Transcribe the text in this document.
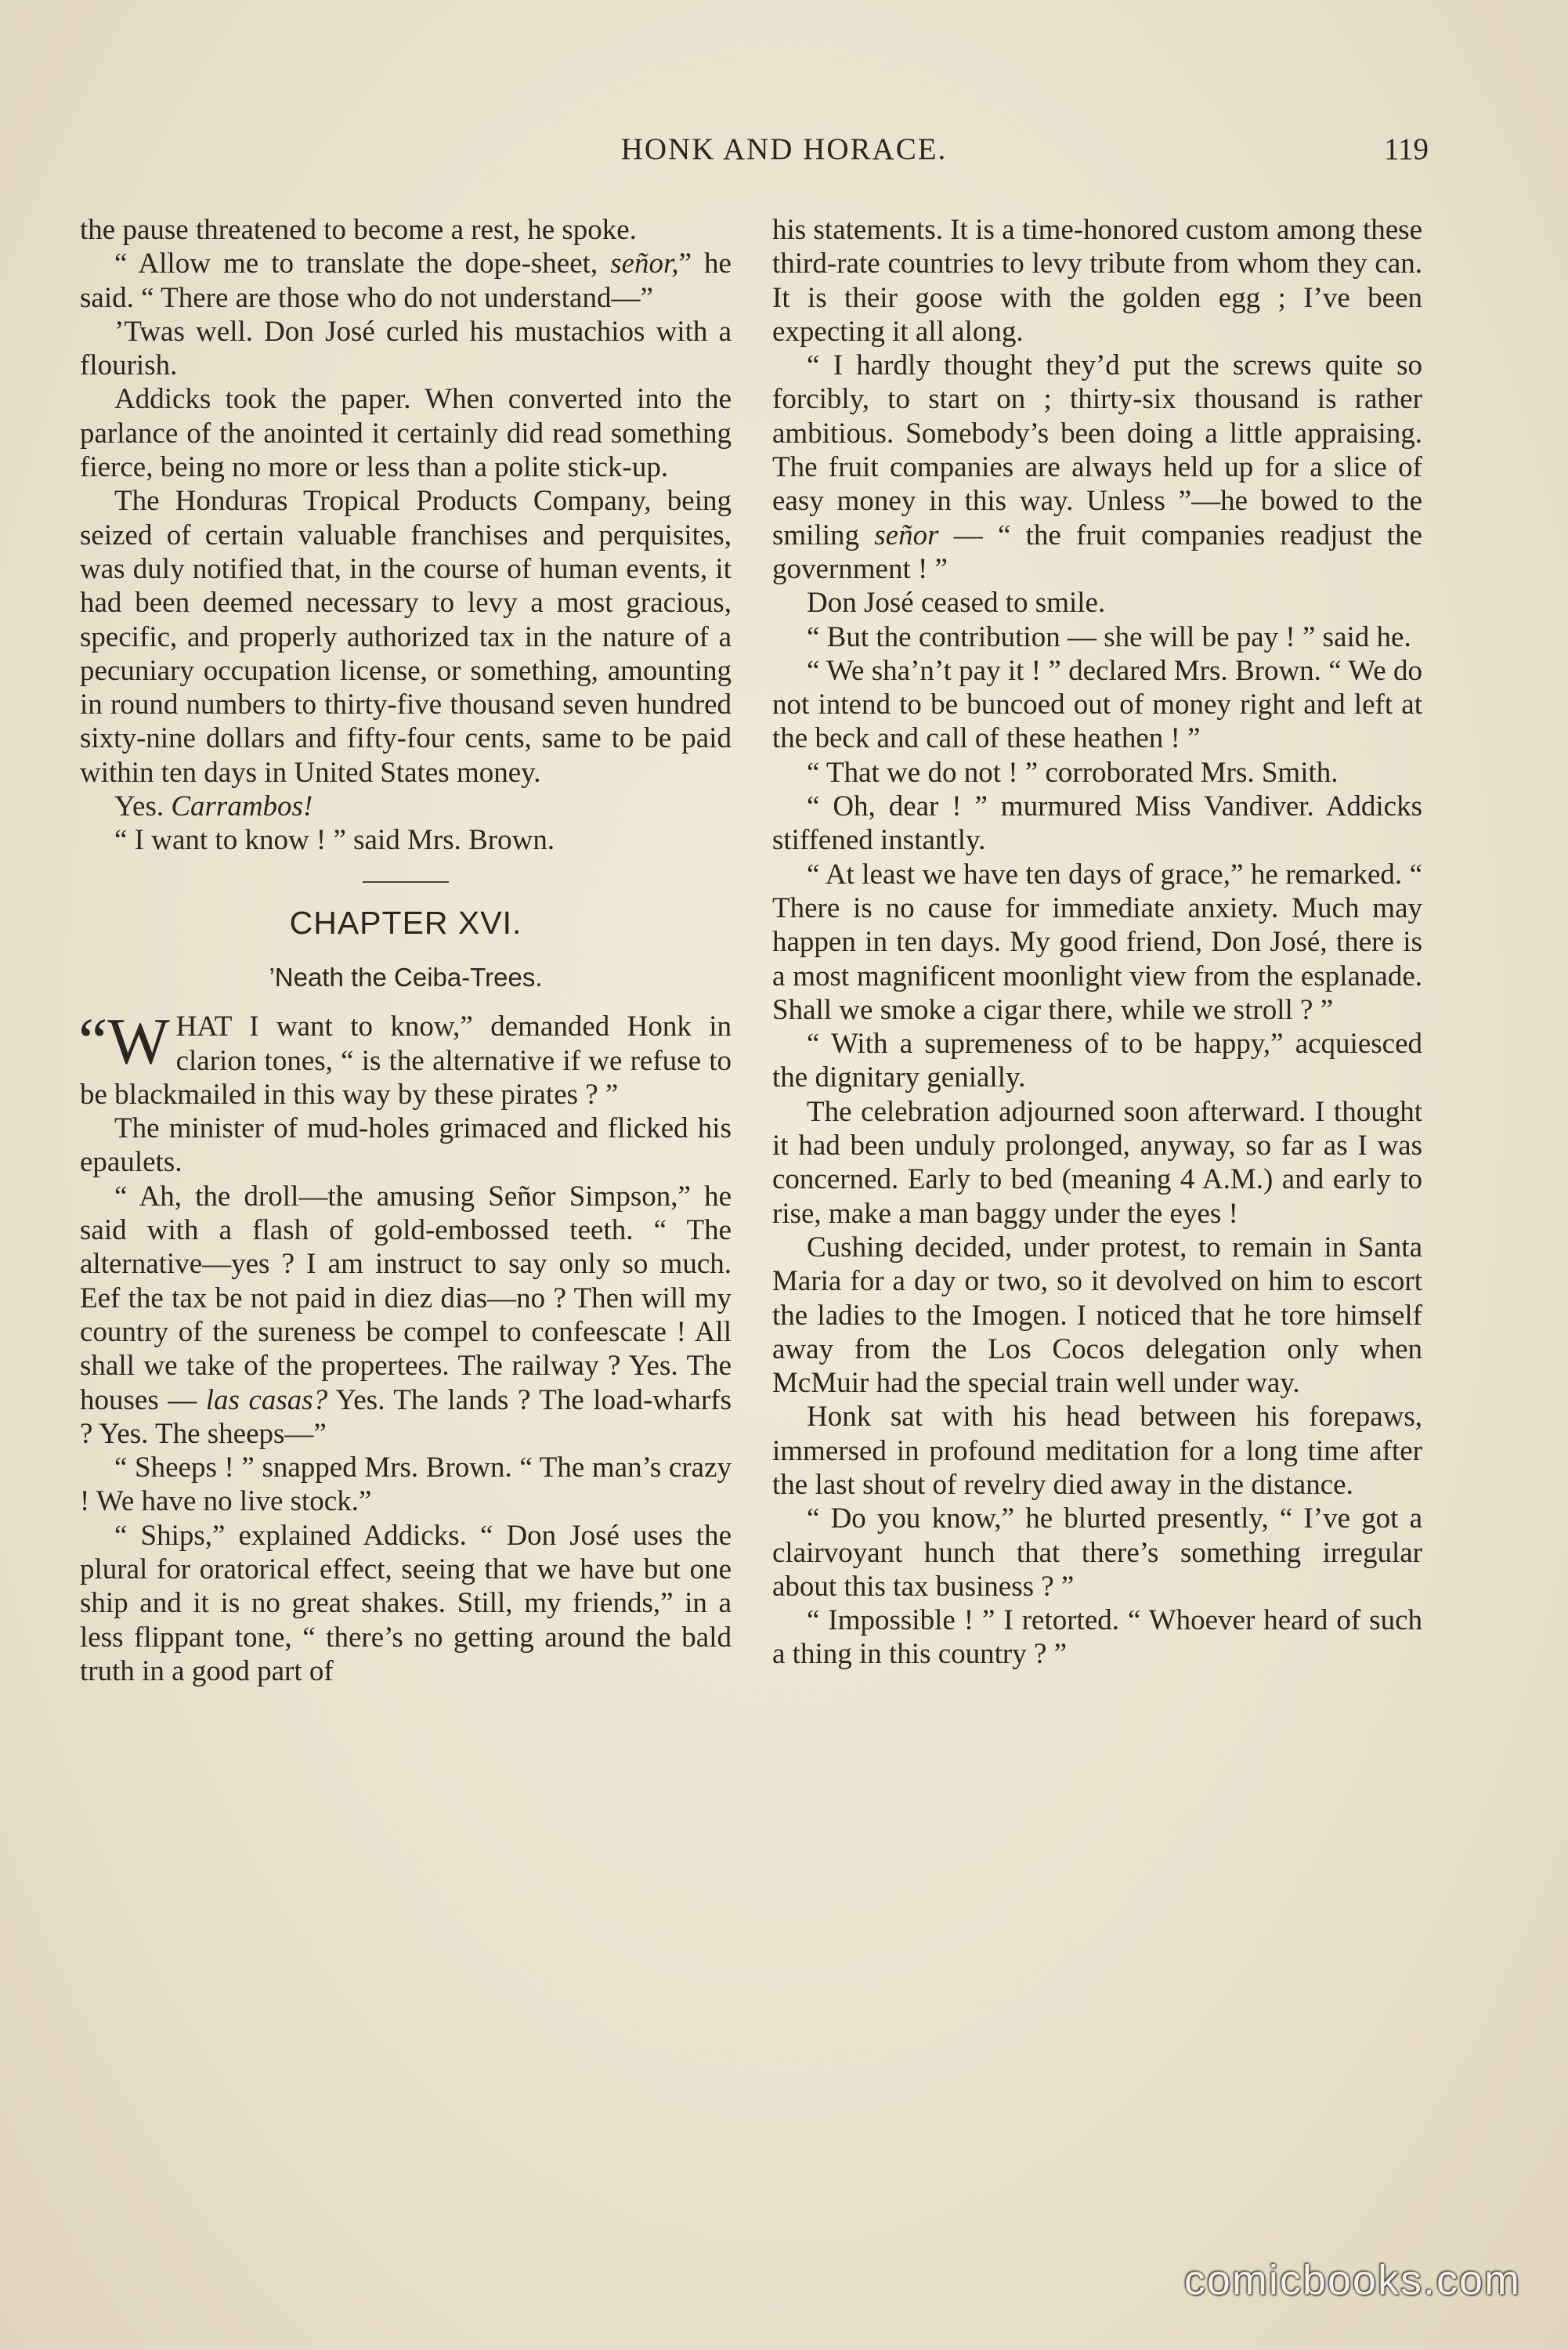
HONK AND HORACE.	119

the pause threatened to become a rest, he spoke.

“ Allow me to translate the dope-sheet, señor,” he said. “ There are those who do not understand—”

’Twas well. Don José curled his mustachios with a flourish.

Addicks took the paper. When converted into the parlance of the anointed it certainly did read something fierce, being no more or less than a polite stick-up.

The Honduras Tropical Products Company, being seized of certain valuable franchises and perquisites, was duly notified that, in the course of human events, it had been deemed necessary to levy a most gracious, specific, and properly authorized tax in the nature of a pecuniary occupation license, or something, amounting in round numbers to thirty-five thousand seven hundred sixty-nine dollars and fifty-four cents, same to be paid within ten days in United States money.

Yes. Carrambos!

“ I want to know ! ” said Mrs. Brown.

CHAPTER XVI.
’Neath the Ceiba-Trees.

“W HAT I want to know,” demanded Honk in clarion tones, “ is the alternative if we refuse to be blackmailed in this way by these pirates ? ”

The minister of mud-holes grimaced and flicked his epaulets.

“ Ah, the droll—the amusing Señor Simpson,” he said with a flash of gold-embossed teeth. “ The alternative—yes ? I am instruct to say only so much. Eef the tax be not paid in diez dias—no ? Then will my country of the sureness be compel to confeescate ! All shall we take of the propertees. The railway ? Yes. The houses — las casas? Yes. The lands ? The load-wharfs ? Yes. The sheeps—”

“ Sheeps ! ” snapped Mrs. Brown. “ The man’s crazy ! We have no live stock.”

“ Ships,” explained Addicks. “ Don José uses the plural for oratorical effect, seeing that we have but one ship and it is no great shakes. Still, my friends,” in a less flippant tone, “ there’s no getting around the bald truth in a good part of

his statements. It is a time-honored custom among these third-rate countries to levy tribute from whom they can. It is their goose with the golden egg ; I’ve been expecting it all along.

“ I hardly thought they’d put the screws quite so forcibly, to start on ; thirty-six thousand is rather ambitious. Somebody’s been doing a little appraising. The fruit companies are always held up for a slice of easy money in this way. Unless ”—he bowed to the smiling señor — “ the fruit companies readjust the government ! ”

Don José ceased to smile.

“ But the contribution — she will be pay ! ” said he.

“ We sha’n’t pay it ! ” declared Mrs. Brown. “ We do not intend to be buncoed out of money right and left at the beck and call of these heathen ! ”

“ That we do not ! ” corroborated Mrs. Smith.

“ Oh, dear ! ” murmured Miss Vandiver. Addicks stiffened instantly.

“ At least we have ten days of grace,” he remarked. “ There is no cause for immediate anxiety. Much may happen in ten days. My good friend, Don José, there is a most magnificent moonlight view from the esplanade. Shall we smoke a cigar there, while we stroll ? ”

“ With a supremeness of to be happy,” acquiesced the dignitary genially.

The celebration adjourned soon afterward. I thought it had been unduly prolonged, anyway, so far as I was concerned. Early to bed (meaning 4 A.M.) and early to rise, make a man baggy under the eyes !

Cushing decided, under protest, to remain in Santa Maria for a day or two, so it devolved on him to escort the ladies to the Imogen. I noticed that he tore himself away from the Los Cocos delegation only when McMuir had the special train well under way.

Honk sat with his head between his forepaws, immersed in profound meditation for a long time after the last shout of revelry died away in the distance.

“ Do you know,” he blurted presently, “ I’ve got a clairvoyant hunch that there’s something irregular about this tax business ? ”

“ Impossible ! ” I retorted. “ Whoever heard of such a thing in this country ? ”

comicbooks.com
